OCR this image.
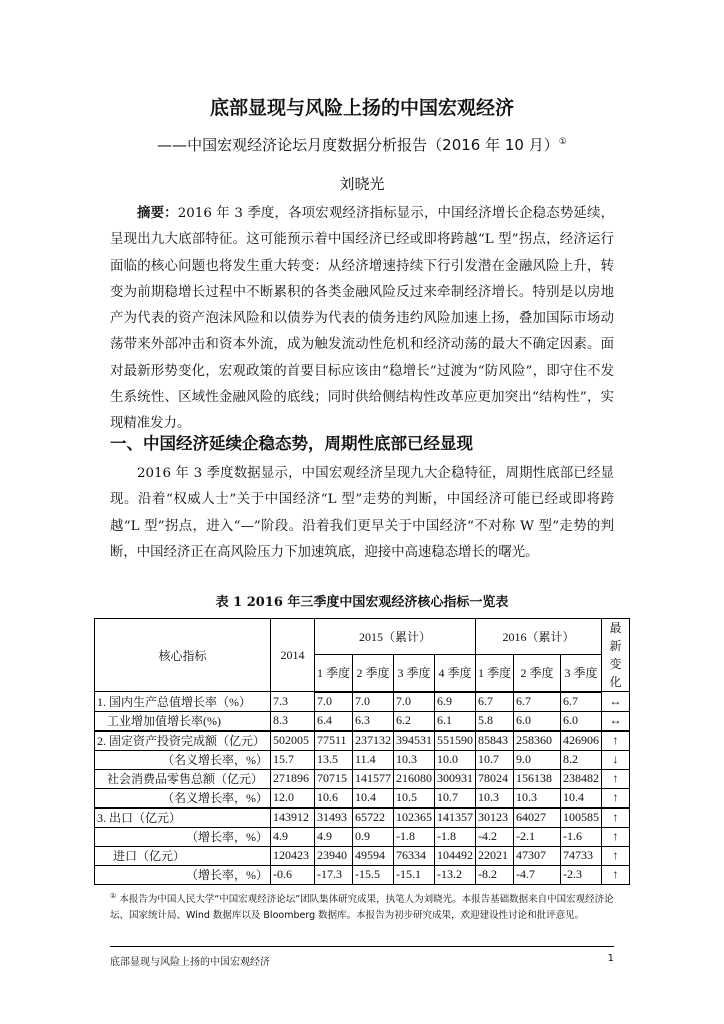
底部显现与风险上扬的中国宏观经济
——中国宏观经济论坛月度数据分析报告（2016 年 10 月）①
刘晓光

摘要：2016 年 3 季度，各项宏观经济指标显示，中国经济增长企稳态势延续，呈现出九大底部特征。这可能预示着中国经济已经或即将跨越“L 型”拐点，经济运行面临的核心问题也将发生重大转变：从经济增速持续下行引发潜在金融风险上升，转变为前期稳增长过程中不断累积的各类金融风险反过来牵制经济增长。特别是以房地产为代表的资产泡沫风险和以债券为代表的债务违约风险加速上扬，叠加国际市场动荡带来外部冲击和资本外流，成为触发流动性危机和经济动荡的最大不确定因素。面对最新形势变化，宏观政策的首要目标应该由“稳增长”过渡为“防风险”，即守住不发生系统性、区域性金融风险的底线；同时供给侧结构性改革应更加突出“结构性”，实现精准发力。

一、中国经济延续企稳态势，周期性底部已经显现

2016 年 3 季度数据显示，中国宏观经济呈现九大企稳特征，周期性底部已经显现。沿着“权威人士”关于中国经济“L 型”走势的判断，中国经济可能已经或即将跨越“L 型”拐点，进入“—”阶段。沿着我们更早关于中国经济“不对称 W 型”走势的判断，中国经济正在高风险压力下加速筑底，迎接中高速稳态增长的曙光。

表 1 2016 年三季度中国宏观经济核心指标一览表
核心指标	2014	2015（累计）				2016（累计）			最新变化
		1 季度	2 季度	3 季度	4 季度	1 季度	2 季度	3 季度	
1. 国内生产总值增长率（%）	7.3	7.0	7.0	7.0	6.9	6.7	6.7	6.7	↔
工业增加值增长率(%)	8.3	6.4	6.3	6.2	6.1	5.8	6.0	6.0	↔
2. 固定资产投资完成额（亿元）	502005	77511	237132	394531	551590	85843	258360	426906	↑
（名义增长率，%）	15.7	13.5	11.4	10.3	10.0	10.7	9.0	8.2	↓
社会消费品零售总额（亿元）	271896	70715	141577	216080	300931	78024	156138	238482	↑
（名义增长率，%）	12.0	10.6	10.4	10.5	10.7	10.3	10.3	10.4	↑
3. 出口（亿元）	143912	31493	65722	102365	141357	30123	64027	100585	↑
（增长率，%）	4.9	4.9	0.9	-1.8	-1.8	-4.2	-2.1	-1.6	↑
进口（亿元）	120423	23940	49594	76334	104492	22021	47307	74733	↑
（增长率，%）	-0.6	-17.3	-15.5	-15.1	-13.2	-8.2	-4.7	-2.3	↑
① 本报告为中国人民大学“中国宏观经济论坛”团队集体研究成果，执笔人为刘晓光。本报告基础数据来自中国宏观经济论坛、国家统计局、Wind 数据库以及 Bloomberg 数据库。本报告为初步研究成果，欢迎建设性讨论和批评意见。
底部显现与风险上扬的中国宏观经济	1
